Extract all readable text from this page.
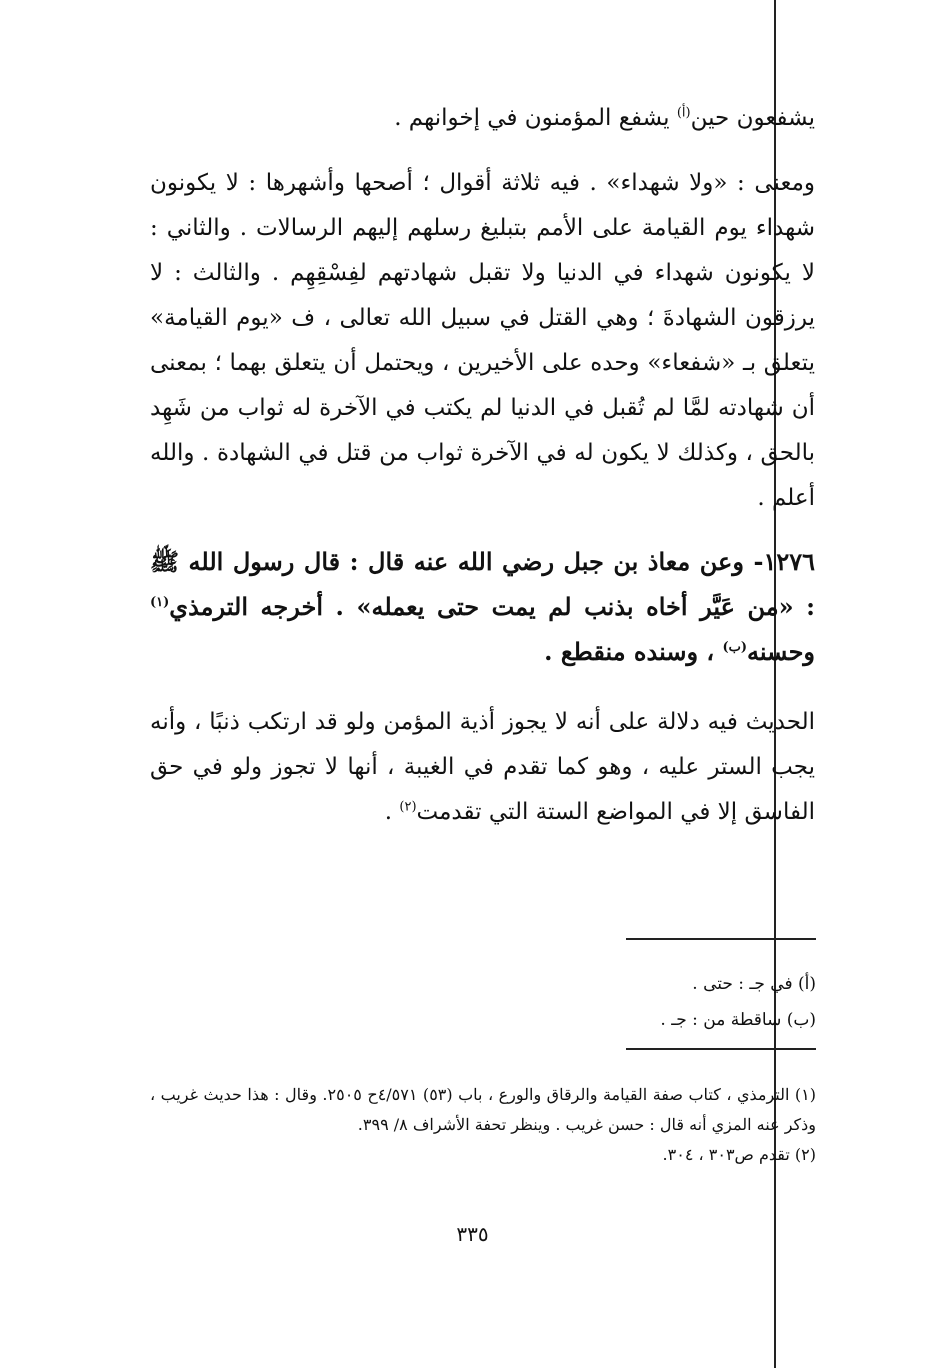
يشفعون حين$^{(أ)}$ يشفع المؤمنون في إخوانهم .

ومعنى : «ولا شهداء» . فيه ثلاثة أقوال ؛ أصحها وأشهرها : لا يكونون شهداء يوم القيامة على الأمم بتبليغ رسلهم إليهم الرسالات . والثاني : لا يكونون شهداء في الدنيا ولا تقبل شهادتهم لفِسْقِهِم . والثالث : لا يرزقون الشهادةَ ؛ وهي القتل في سبيل الله تعالى ، ف «يوم القيامة» يتعلق بـ «شفعاء» وحده على الأخيرين ، ويحتمل أن يتعلق بهما ؛ بمعنى أن شهادته لمَّا لم تُقبل في الدنيا لم يكتب في الآخرة له ثواب من شَهِد بالحق ، وكذلك لا يكون له في الآخرة ثواب من قتل في الشهادة . والله أعلم .

١٢٧٦- وعن معاذ بن جبل رضي الله عنه قال : قال رسول الله ﷺ : «من عَيَّر أخاه بذنب لم يمت حتى يعمله» . أخرجه الترمذي$^{(١)}$ وحسنه$^{(ب)}$ ، وسنده منقطع .

الحديث فيه دلالة على أنه لا يجوز أذية المؤمن ولو قد ارتكب ذنبًا ، وأنه يجب الستر عليه ، وهو كما تقدم في الغيبة ، أنها لا تجوز ولو في حق الفاسق إلا في المواضع الستة التي تقدمت$^{(٢)}$ .

(أ) في جـ : حتى .
(ب) ساقطة من : جـ .
(١) الترمذي ، كتاب صفة القيامة والرقاق والورع ، باب (٥٣) ٤/٥٧١ح ٢٥٠٥. وقال : هذا حديث غريب ، وذكر عنه المزي أنه قال : حسن غريب . وينظر تحفة الأشراف ٨/ ٣٩٩.
(٢) تقدم ص٣٠٣ ، ٣٠٤.
٣٣٥
